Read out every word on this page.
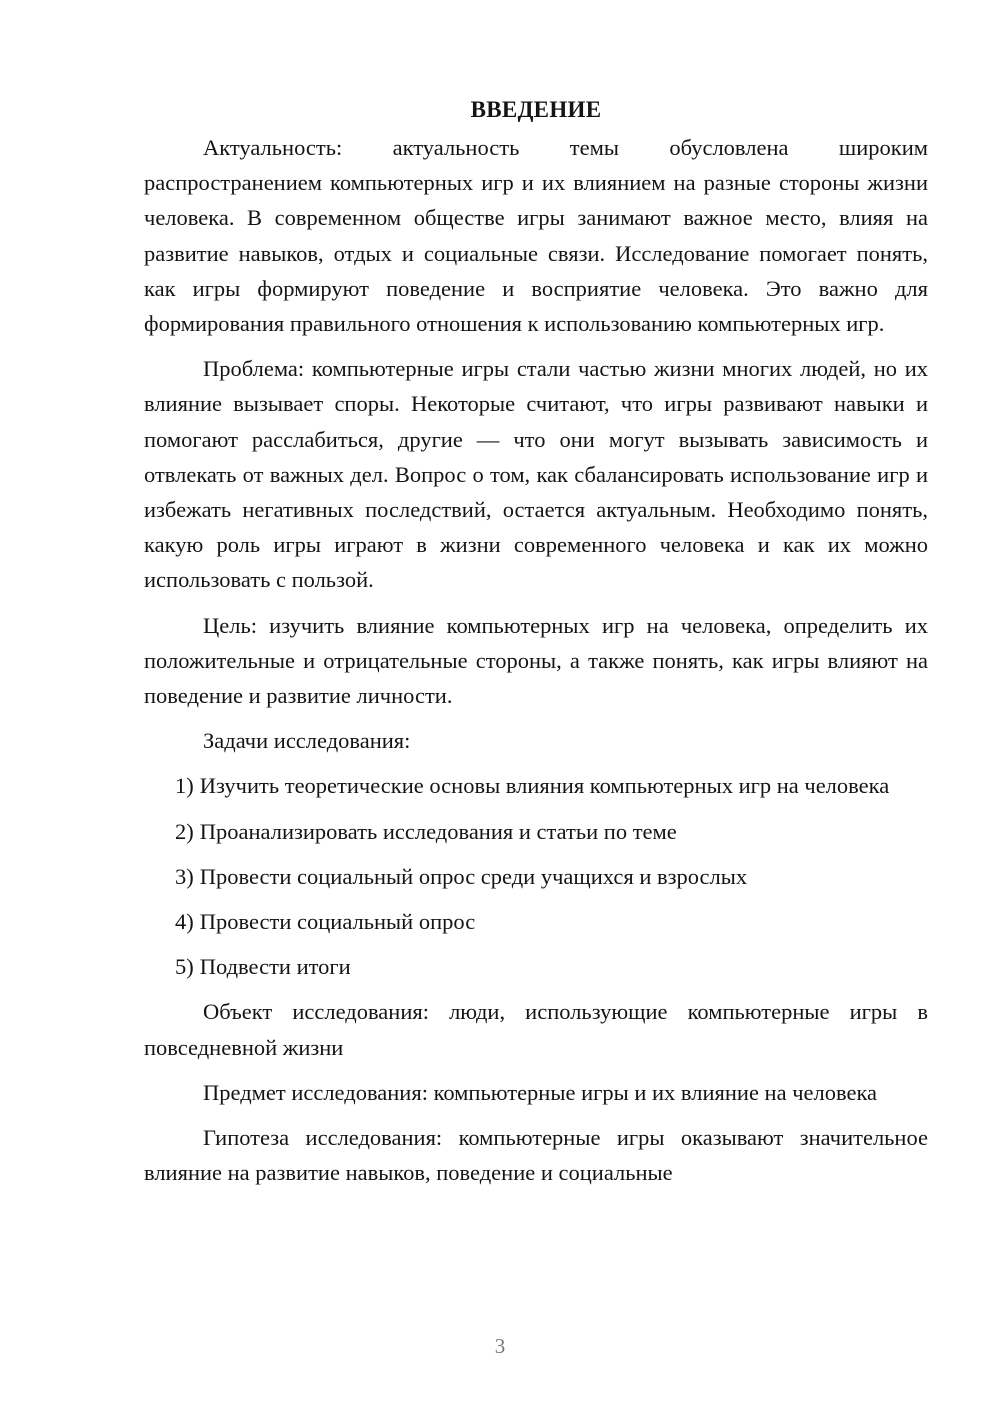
ВВЕДЕНИЕ

Актуальность: актуальность темы обусловлена широким распространением компьютерных игр и их влиянием на разные стороны жизни человека. В современном обществе игры занимают важное место, влияя на развитие навыков, отдых и социальные связи. Исследование помогает понять, как игры формируют поведение и восприятие человека. Это важно для формирования правильного отношения к использованию компьютерных игр.

Проблема: компьютерные игры стали частью жизни многих людей, но их влияние вызывает споры. Некоторые считают, что игры развивают навыки и помогают расслабиться, другие — что они могут вызывать зависимость и отвлекать от важных дел. Вопрос о том, как сбалансировать использование игр и избежать негативных последствий, остается актуальным. Необходимо понять, какую роль игры играют в жизни современного человека и как их можно использовать с пользой.

Цель: изучить влияние компьютерных игр на человека, определить их положительные и отрицательные стороны, а также понять, как игры влияют на поведение и развитие личности.

Задачи исследования:

1) Изучить теоретические основы влияния компьютерных игр на человека

2) Проанализировать исследования и статьи по теме

3) Провести социальный опрос среди учащихся и взрослых

4) Провести социальный опрос

5) Подвести итоги

Объект исследования: люди, использующие компьютерные игры в повседневной жизни

Предмет исследования: компьютерные игры и их влияние на человека

Гипотеза исследования: компьютерные игры оказывают значительное влияние на развитие навыков, поведение и социальные

3
